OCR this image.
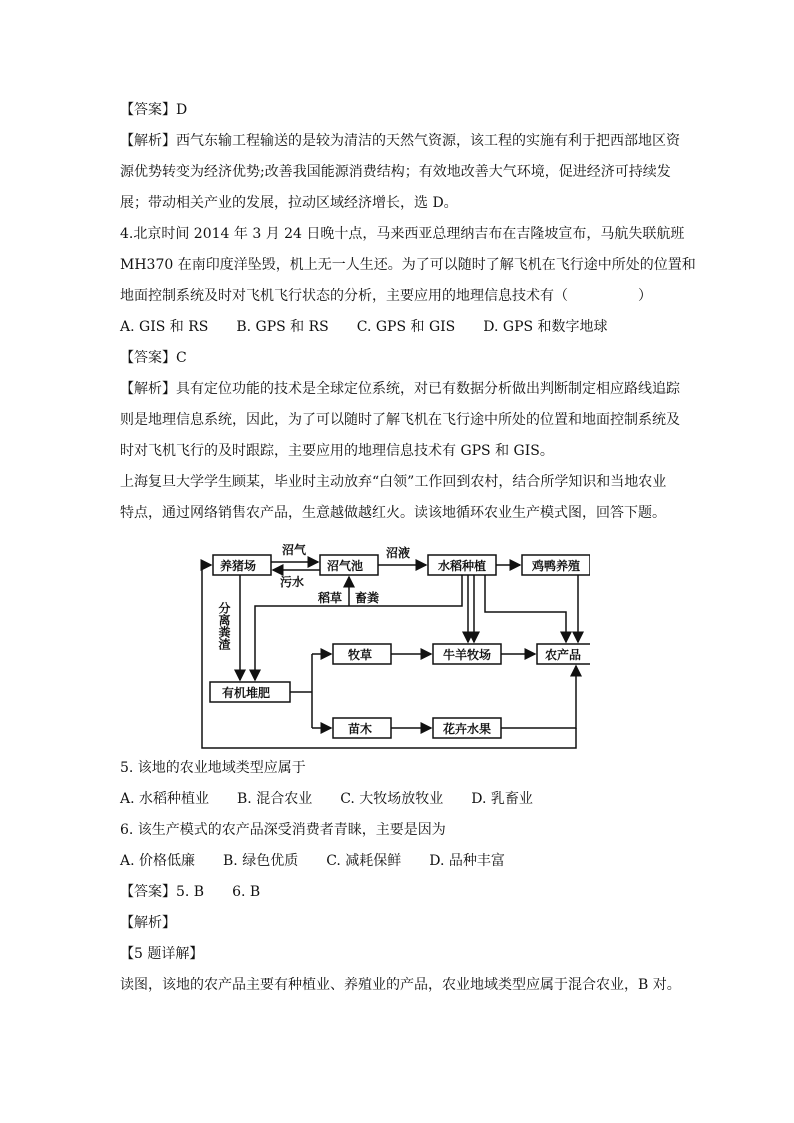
【答案】D
【解析】西气东输工程输送的是较为清洁的天然气资源，该工程的实施有利于把西部地区资
源优势转变为经济优势;改善我国能源消费结构；有效地改善大气环境，促进经济可持续发
展；带动相关产业的发展，拉动区域经济增长，选 D。
4.北京时间 2014 年 3 月 24 日晚十点，马来西亚总理纳吉布在吉隆坡宣布，马航失联航班
MH370 在南印度洋坠毁，机上无一人生还。为了可以随时了解飞机在飞行途中所处的位置和
地面控制系统及时对飞机飞行状态的分析，主要应用的地理信息技术有（　　　　　）
A. GIS 和 RS　　B. GPS 和 RS　　C. GPS 和 GIS　　D. GPS 和数字地球
【答案】C
【解析】具有定位功能的技术是全球定位系统，对已有数据分析做出判断制定相应路线追踪
则是地理信息系统，因此，为了可以随时了解飞机在飞行途中所处的位置和地面控制系统及
时对飞机飞行的及时跟踪，主要应用的地理信息技术有 GPS 和 GIS。
上海复旦大学学生顾某，毕业时主动放弃“白领”工作回到农村，结合所学知识和当地农业
特点，通过网络销售农产品，生意越做越红火。读该地循环农业生产模式图，回答下题。
养猪场	沼气池	水稻种植	鸡鸭养殖
有机堆肥
牧草	牛羊牧场	农产品
苗木	花卉水果
沼气
污水
沼液
稻草 畜粪
分离粪渣
5. 该地的农业地域类型应属于
A. 水稻种植业　　B. 混合农业　　C. 大牧场放牧业　　D. 乳畜业
6. 该生产模式的农产品深受消费者青睐，主要是因为
A. 价格低廉　　B. 绿色优质　　C. 减耗保鲜　　D. 品种丰富
【答案】5. B　　6. B
【解析】
【5 题详解】
读图，该地的农产品主要有种植业、养殖业的产品，农业地域类型应属于混合农业，B 对。
